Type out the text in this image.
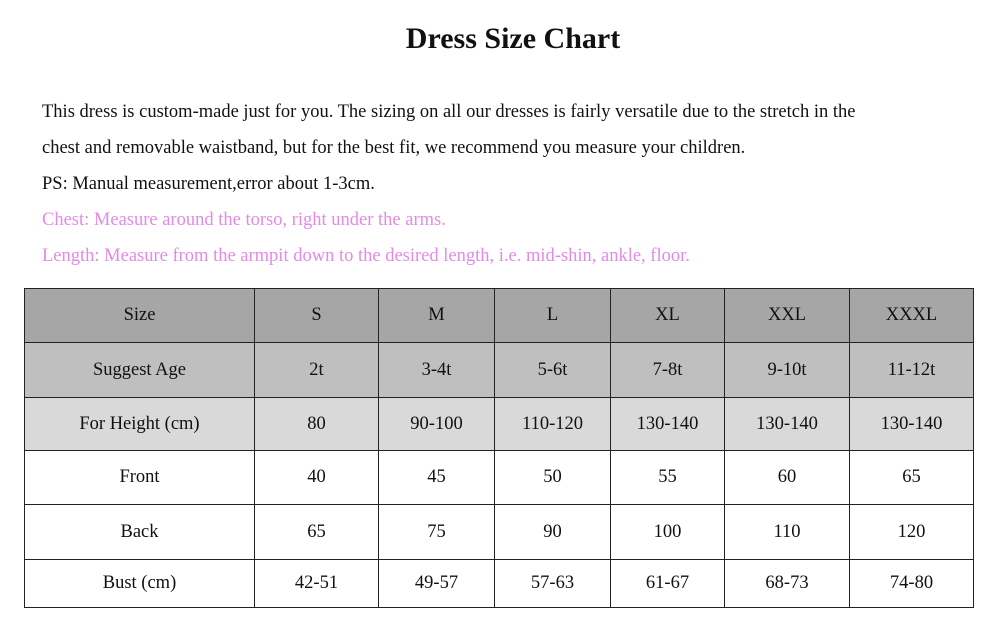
Dress Size Chart
This dress is custom-made just for you. The sizing on all our dresses is fairly versatile due to the stretch in the
chest and removable waistband, but for the best fit, we recommend you measure your children.
PS: Manual measurement,error about 1-3cm.
Chest: Measure around the torso, right under the arms.
Length: Measure from the armpit down to the desired length, i.e. mid-shin, ankle, floor.
Size	S	M	L	XL	XXL	XXXL
Suggest Age	2t	3-4t	5-6t	7-8t	9-10t	11-12t
For Height (cm)	80	90-100	110-120	130-140	130-140	130-140
Front	40	45	50	55	60	65
Back	65	75	90	100	110	120
Bust (cm)	42-51	49-57	57-63	61-67	68-73	74-80
